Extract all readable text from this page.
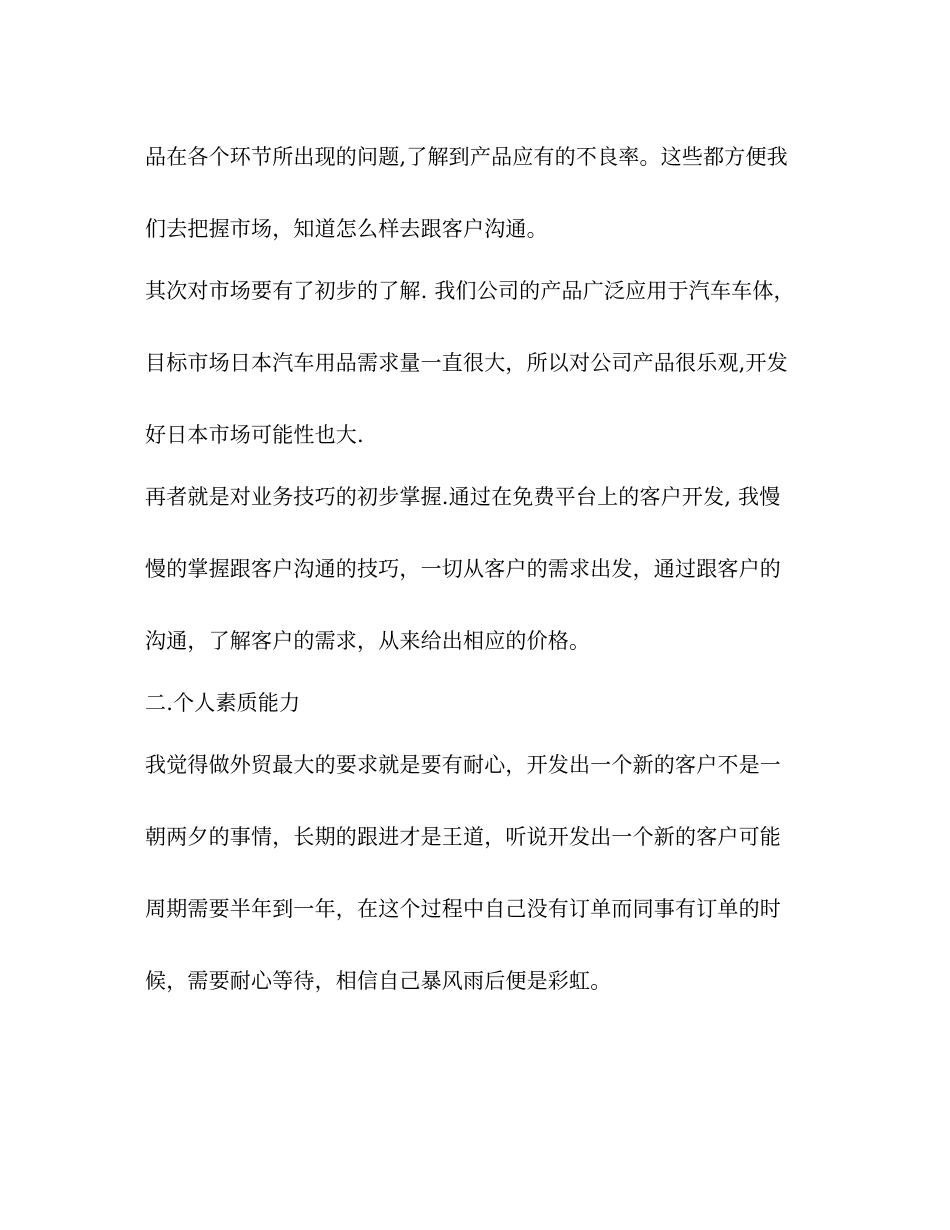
品在各个环节所出现的问题,了解到产品应有的不良率。这些都方便我

们去把握市场，知道怎么样去跟客户沟通。

其次对市场要有了初步的了解. 我们公司的产品广泛应用于汽车车体，

目标市场日本汽车用品需求量一直很大，所以对公司产品很乐观,开发

好日本市场可能性也大.

再者就是对业务技巧的初步掌握.通过在免费平台上的客户开发, 我慢

慢的掌握跟客户沟通的技巧，一切从客户的需求出发，通过跟客户的

沟通，了解客户的需求，从来给出相应的价格。

二.个人素质能力

我觉得做外贸最大的要求就是要有耐心，开发出一个新的客户不是一

朝两夕的事情，长期的跟进才是王道，听说开发出一个新的客户可能

周期需要半年到一年，在这个过程中自己没有订单而同事有订单的时

候，需要耐心等待，相信自己暴风雨后便是彩虹。
